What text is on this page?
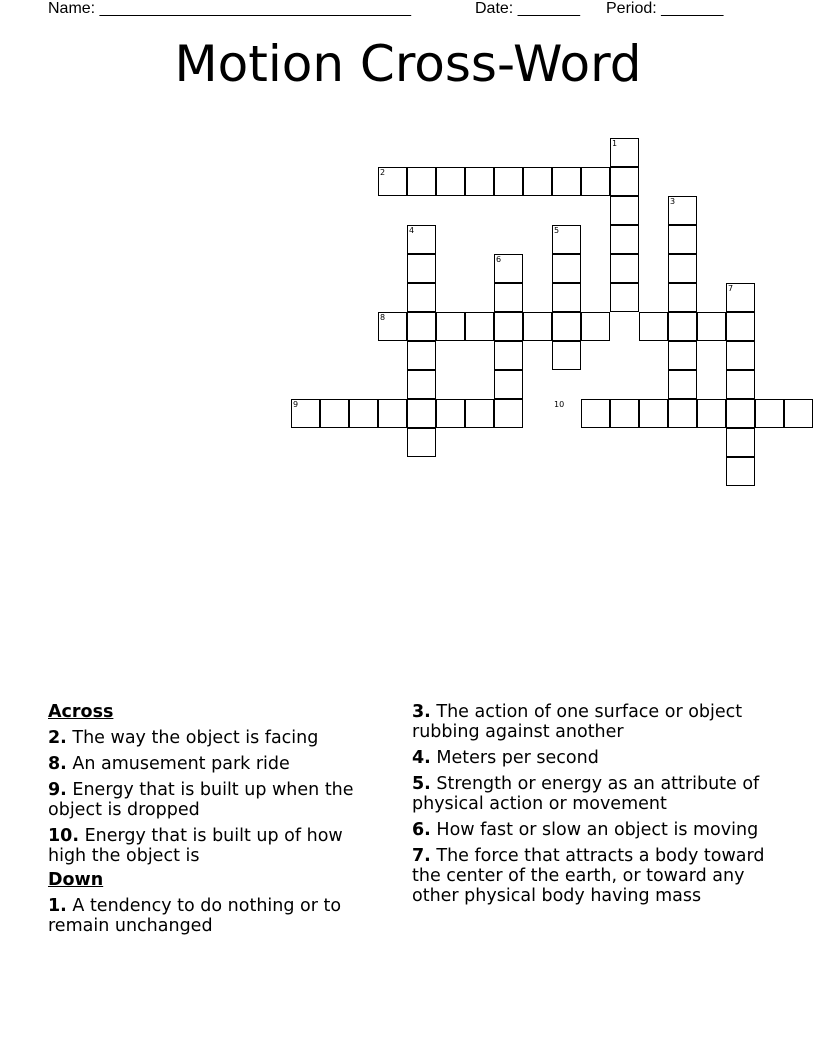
Name: ___________________________________	Date: _______ Period: _______
Motion Cross-Word
1
2
3
4	5
6
7
8
9	10
Across
2. The way the object is facing
8. An amusement park ride
9. Energy that is built up when the object is dropped
10. Energy that is built up of how high the object is
Down
1. A tendency to do nothing or to remain unchanged
3. The action of one surface or object rubbing against another
4. Meters per second
5. Strength or energy as an attribute of physical action or movement
6. How fast or slow an object is moving
7. The force that attracts a body toward the center of the earth, or toward any other physical body having mass
